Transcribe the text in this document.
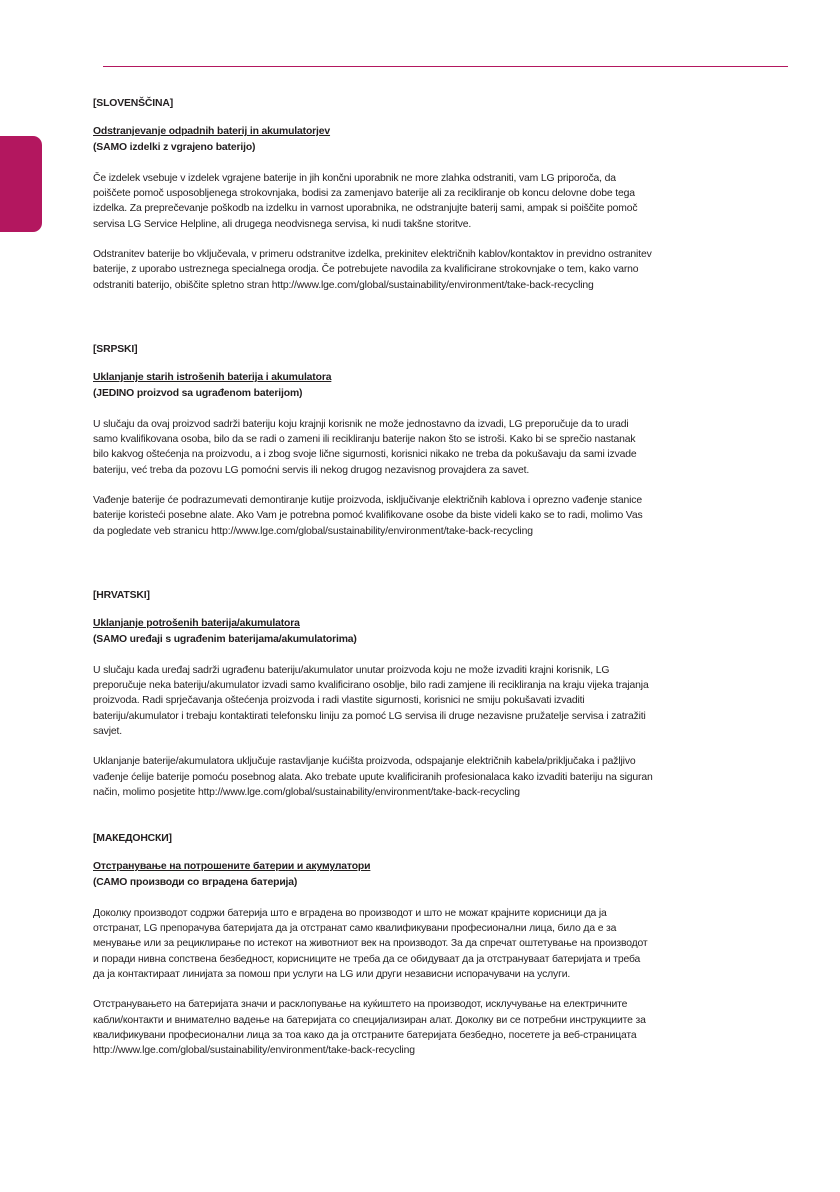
[SLOVENŠČINA]

Odstranjevanje odpadnih baterij in akumulatorjev

(SAMO izdelki z vgrajeno baterijo)

Če izdelek vsebuje v izdelek vgrajene baterije in jih končni uporabnik ne more zlahka odstraniti, vam LG priporoča, da poiščete pomoč usposobljenega strokovnjaka, bodisi za zamenjavo baterije ali za recikliranje ob koncu delovne dobe tega izdelka. Za preprečevanje poškodb na izdelku in varnost uporabnika, ne odstranjujte baterij sami, ampak si poiščite pomoč servisa LG Service Helpline, ali drugega neodvisnega servisa, ki nudi takšne storitve.

Odstranitev baterije bo vključevala, v primeru odstranitve izdelka, prekinitev električnih kablov/kontaktov in previdno ostranitev baterije, z uporabo ustreznega specialnega orodja. Če potrebujete navodila za kvalificirane strokovnjake o tem, kako varno odstraniti baterijo, obiščite spletno stran http://www.lge.com/global/sustainability/environment/take-back-recycling

[SRPSKI]

Uklanjanje starih istrošenih baterija i akumulatora

(JEDINO proizvod sa ugrađenom baterijom)

U slučaju da ovaj proizvod sadrži bateriju koju krajnji korisnik ne može jednostavno da izvadi, LG preporučuje da to uradi samo kvalifikovana osoba, bilo da se radi o zameni ili recikliranju baterije nakon što se istroši. Kako bi se sprečio nastanak bilo kakvog oštećenja na proizvodu, a i zbog svoje lične sigurnosti, korisnici nikako ne treba da pokušavaju da sami izvade bateriju, već treba da pozovu LG pomoćni servis ili nekog drugog nezavisnog provajdera za savet.

Vađenje baterije će podrazumevati demontiranje kutije proizvoda, isključivanje električnih kablova i oprezno vađenje stanice baterije koristeći posebne alate. Ako Vam je potrebna pomoć kvalifikovane osobe da biste videli kako se to radi, molimo Vas da pogledate veb stranicu http://www.lge.com/global/sustainability/environment/take-back-recycling

[HRVATSKI]

Uklanjanje potrošenih baterija/akumulatora

(SAMO uređaji s ugrađenim baterijama/akumulatorima)

U slučaju kada uređaj sadrži ugrađenu bateriju/akumulator unutar proizvoda koju ne može izvaditi krajni korisnik, LG preporučuje neka bateriju/akumulator izvadi samo kvalificirano osoblje, bilo radi zamjene ili recikliranja na kraju vijeka trajanja proizvoda. Radi sprječavanja oštećenja proizvoda i radi vlastite sigurnosti, korisnici ne smiju pokušavati izvaditi bateriju/akumulator i trebaju kontaktirati telefonsku liniju za pomoć LG servisa ili druge nezavisne pružatelje servisa i zatražiti savjet.

Uklanjanje baterije/akumulatora uključuje rastavljanje kućišta proizvoda, odspajanje električnih kabela/priključaka i pažljivo vađenje ćelije baterije pomoću posebnog alata. Ako trebate upute kvalificiranih profesionalaca kako izvaditi bateriju na siguran način, molimo posjetite http://www.lge.com/global/sustainability/environment/take-back-recycling

[МАКЕДОНСКИ]

Отстранување на потрошените батерии и акумулатори

(САМО производи со вградена батерија)

Доколку производот содржи батерија што е вградена во производот и што не можат крајните корисници да ја отстранат, LG препорачува батеријата да ја отстранат само квалификувани професионални лица, било да е за менување или за рециклирање по истекот на животниот век на производот. За да спречат оштетување на производот и поради нивна сопствена безбедност, корисниците не треба да се обидуваат да ја отстрануваат батеријата и треба да ја контактираат линијата за помош при услуги на LG или други независни испорачувачи на услуги.

Отстранувањето на батеријата значи и расклопување на куќиштето на производот, исклучување на електричните кабли/контакти и внимателно вадење на батеријата со специјализиран алат. Доколку ви се потребни инструкциите за квалификувани професионални лица за тоа како да ја отстраните батеријата безбедно, посетете ја веб-страницата http://www.lge.com/global/sustainability/environment/take-back-recycling
